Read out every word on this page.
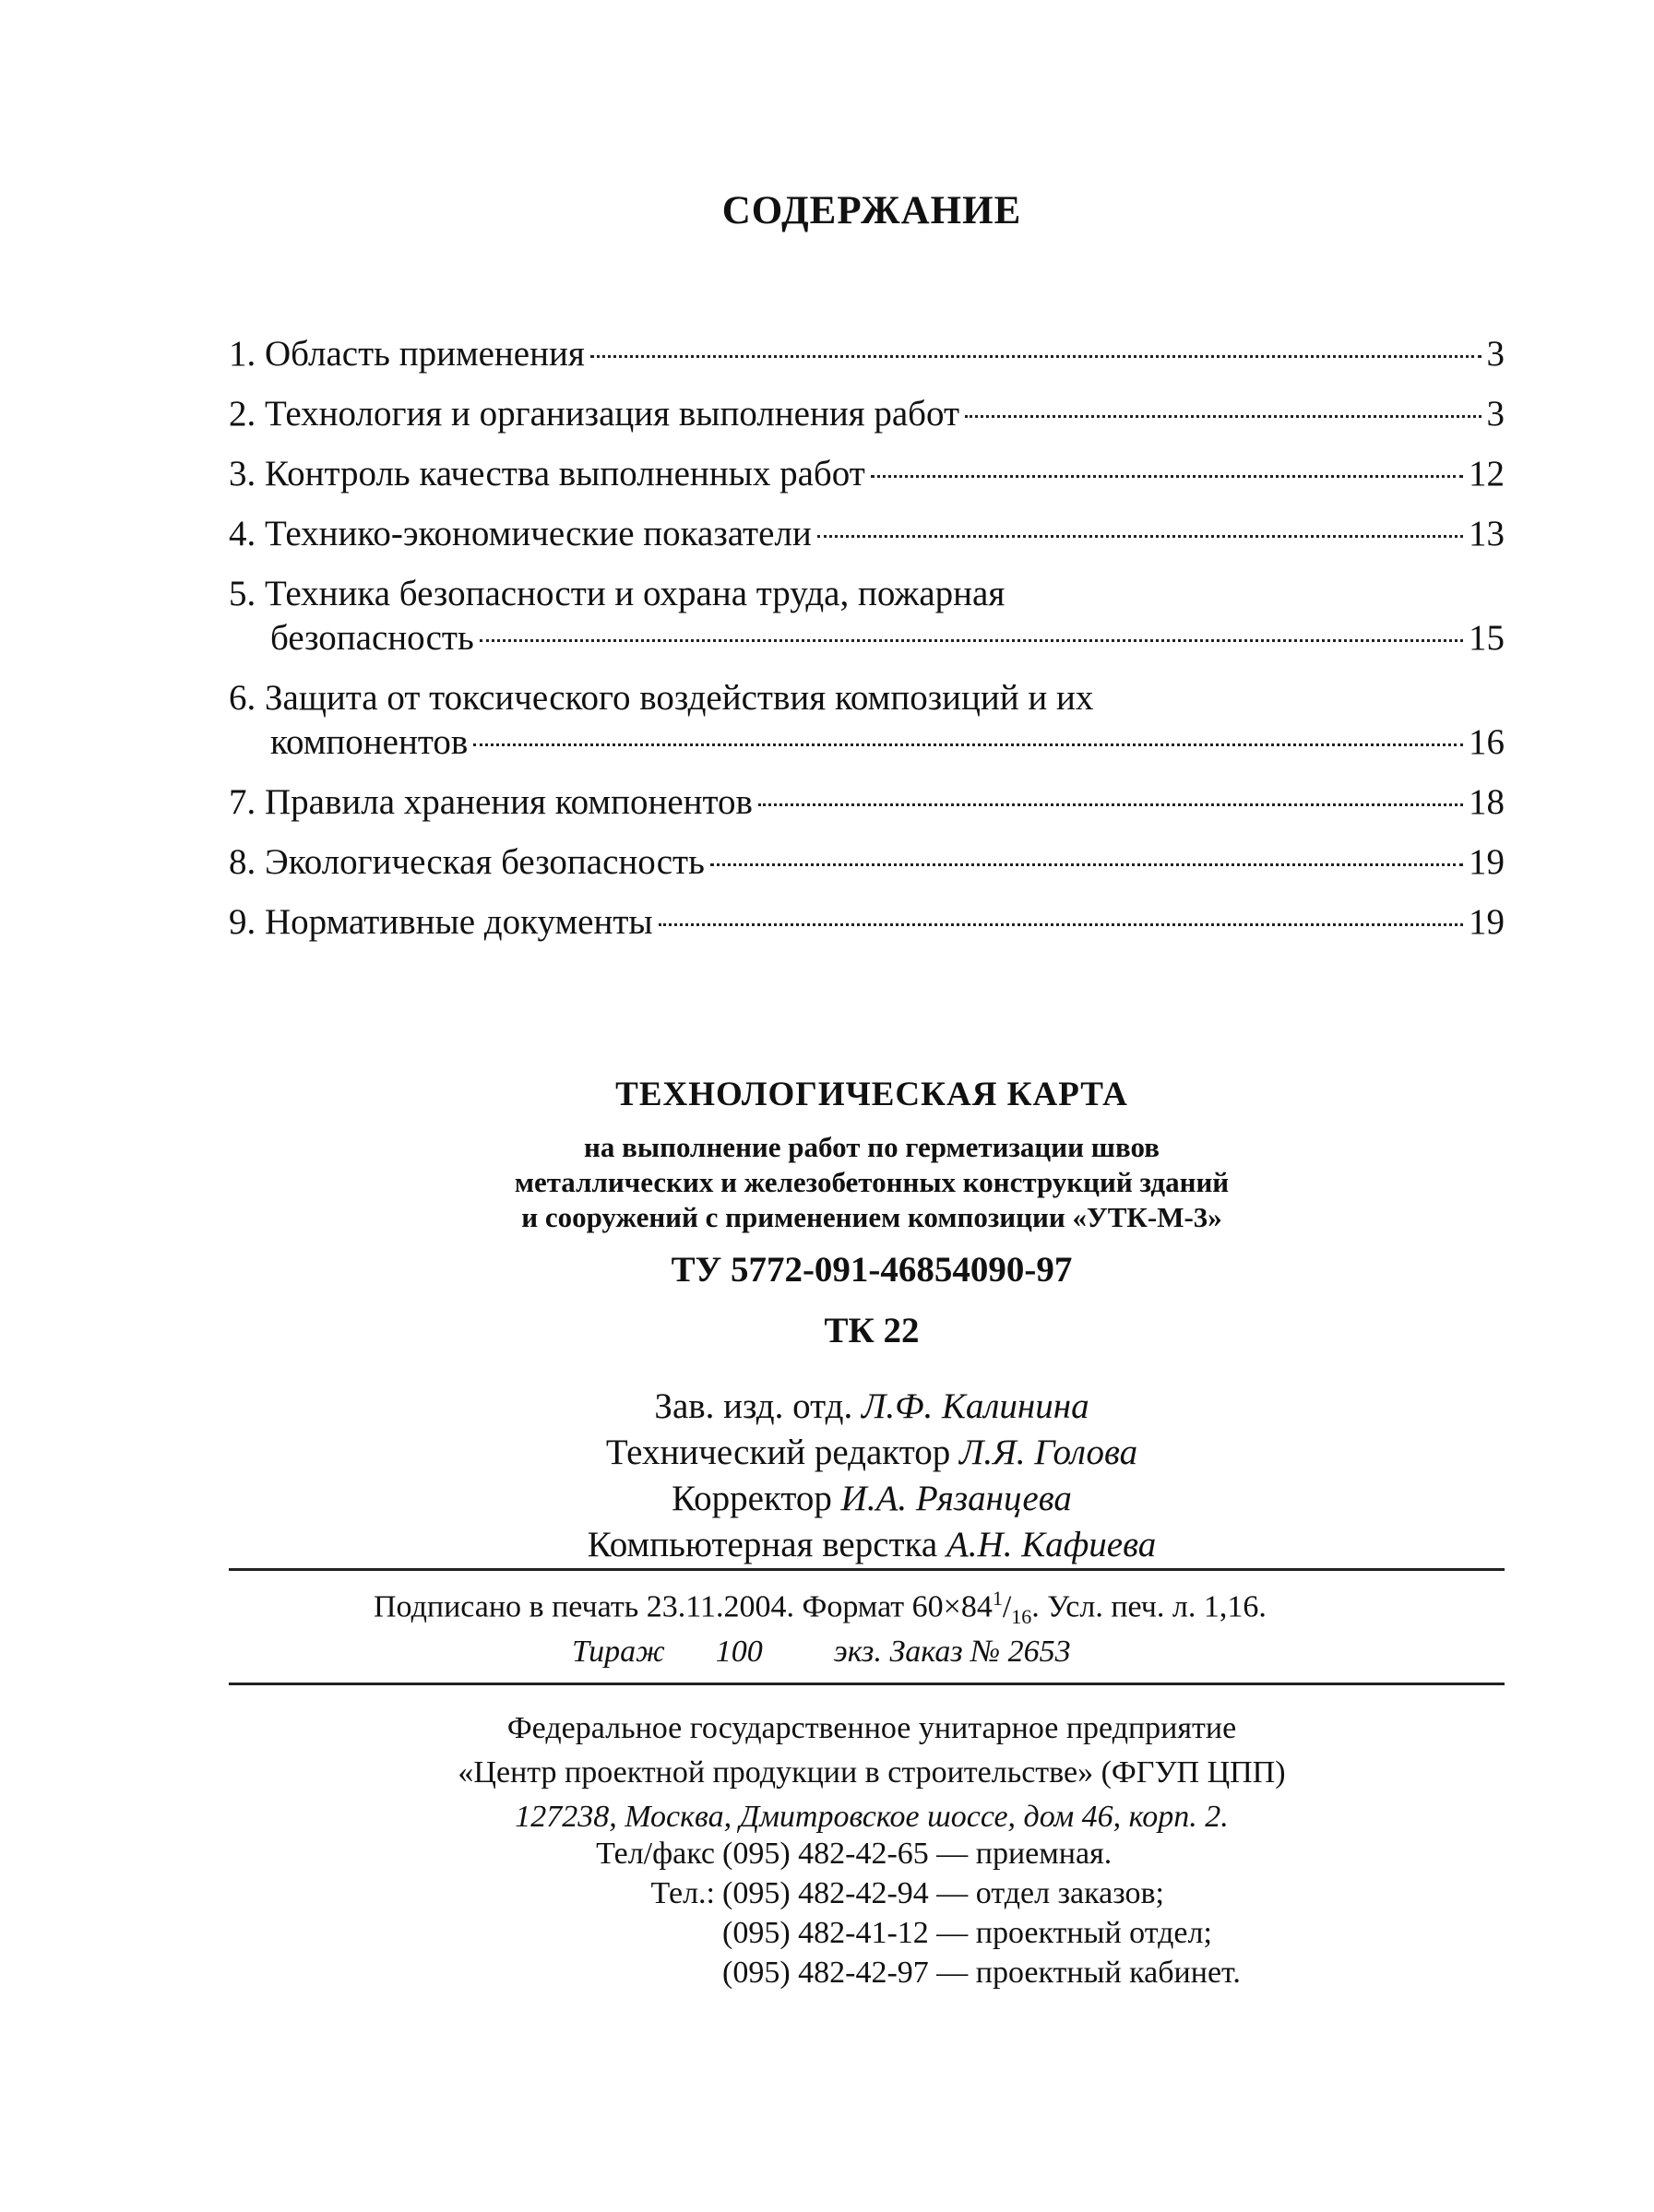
СОДЕРЖАНИЕ
1. Область применения	3
2. Технология и организация выполнения работ	3
3. Контроль качества выполненных работ	12
4. Технико-экономические показатели	13
5. Техника безопасности и охрана труда, пожарная
безопасность	15
6. Защита от токсического воздействия композиций и их
компонентов	16
7. Правила хранения компонентов	18
8. Экологическая безопасность	19
9. Нормативные документы	19
ТЕХНОЛОГИЧЕСКАЯ КАРТА
на выполнение работ по герметизации швов
металлических и железобетонных конструкций зданий
и сооружений с применением композиции «УТК-М-3»
ТУ 5772-091-46854090-97
ТК 22
Зав. изд. отд. Л.Ф. Калинина
Технический редактор Л.Я. Голова
Корректор И.А. Рязанцева
Компьютерная верстка А.Н. Кафиева
Подписано в печать 23.11.2004. Формат $60\times 84^1/_{16}$. Усл. печ. л. 1,16.
Тираж 100 экз. Заказ № 2653
Федеральное государственное унитарное предприятие
«Центр проектной продукции в строительстве» (ФГУП ЦПП)
127238, Москва, Дмитровское шоссе, дом 46, корп. 2.
Тел/факс (095) 482-42-65 — приемная.
Тел.: (095) 482-42-94 — отдел заказов;
(095) 482-41-12 — проектный отдел;
(095) 482-42-97 — проектный кабинет.
